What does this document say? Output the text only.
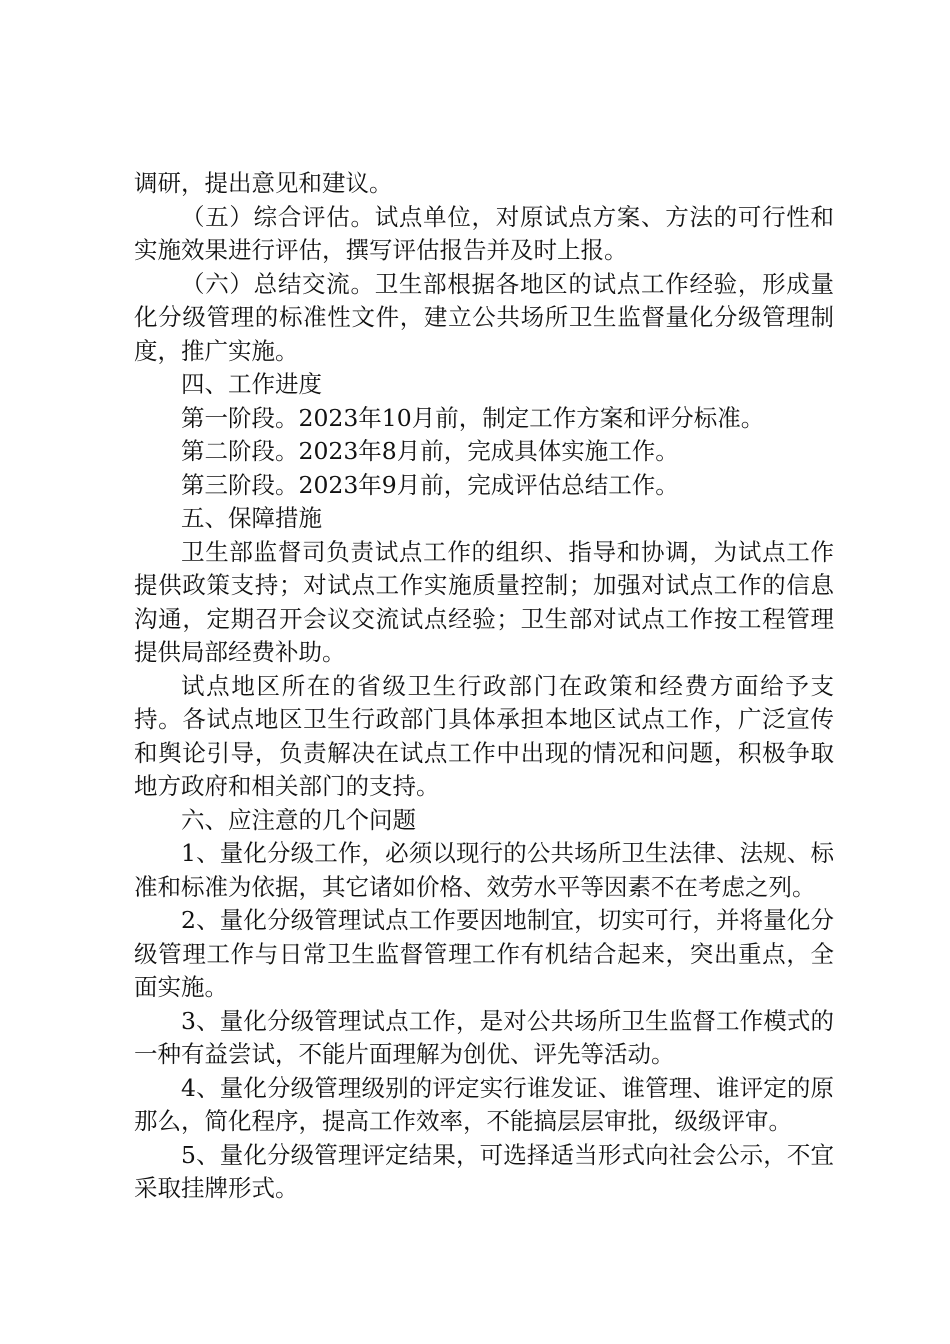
调研，提出意见和建议。

（五）综合评估。试点单位，对原试点方案、方法的可行性和实施效果进行评估，撰写评估报告并及时上报。

（六）总结交流。卫生部根据各地区的试点工作经验，形成量化分级管理的标准性文件，建立公共场所卫生监督量化分级管理制度，推广实施。

四、工作进度

第一阶段。2023年10月前，制定工作方案和评分标准。

第二阶段。2023年8月前，完成具体实施工作。

第三阶段。2023年9月前，完成评估总结工作。

五、保障措施

卫生部监督司负责试点工作的组织、指导和协调，为试点工作提供政策支持；对试点工作实施质量控制；加强对试点工作的信息沟通，定期召开会议交流试点经验；卫生部对试点工作按工程管理提供局部经费补助。

试点地区所在的省级卫生行政部门在政策和经费方面给予支持。各试点地区卫生行政部门具体承担本地区试点工作，广泛宣传和舆论引导，负责解决在试点工作中出现的情况和问题，积极争取地方政府和相关部门的支持。

六、应注意的几个问题

1、量化分级工作，必须以现行的公共场所卫生法律、法规、标准和标准为依据，其它诸如价格、效劳水平等因素不在考虑之列。

2、量化分级管理试点工作要因地制宜，切实可行，并将量化分级管理工作与日常卫生监督管理工作有机结合起来，突出重点，全面实施。

3、量化分级管理试点工作，是对公共场所卫生监督工作模式的一种有益尝试，不能片面理解为创优、评先等活动。

4、量化分级管理级别的评定实行谁发证、谁管理、谁评定的原那么，简化程序，提高工作效率，不能搞层层审批，级级评审。

5、量化分级管理评定结果，可选择适当形式向社会公示，不宜采取挂牌形式。
